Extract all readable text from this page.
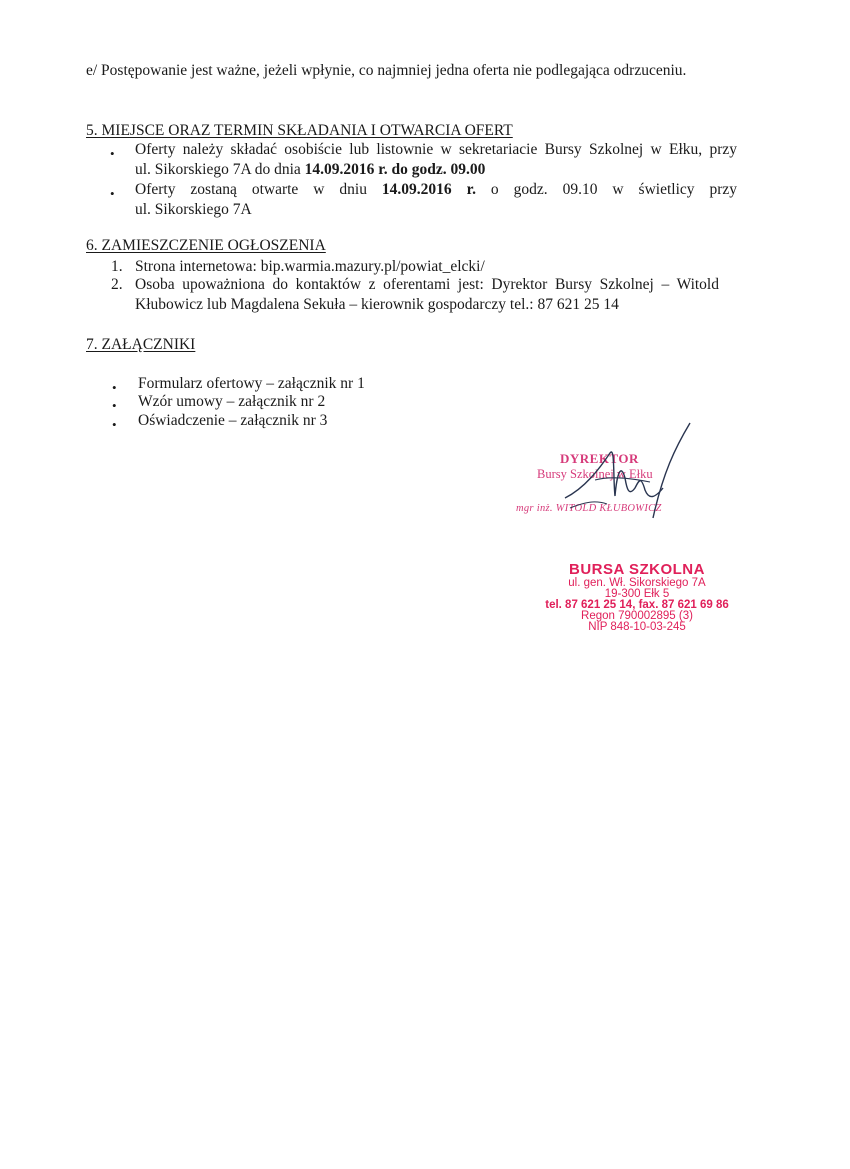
e/ Postępowanie jest ważne, jeżeli wpłynie, co najmniej jedna oferta nie podlegająca odrzuceniu.
5. MIEJSCE ORAZ TERMIN SKŁADANIA I OTWARCIA OFERT
• Oferty należy składać osobiście lub listownie w sekretariacie Bursy Szkolnej w Ełku, przy
ul. Sikorskiego 7A do dnia 14.09.2016 r. do godz. 09.00
• Oferty zostaną otwarte w dniu 14.09.2016 r. o godz. 09.10 w świetlicy przy
ul. Sikorskiego 7A
6. ZAMIESZCZENIE OGŁOSZENIA
1. Strona internetowa: bip.warmia.mazury.pl/powiat_elcki/
2. Osoba upoważniona do kontaktów z oferentami jest: Dyrektor Bursy Szkolnej – Witold
Kłubowicz lub Magdalena Sekuła – kierownik gospodarczy tel.: 87 621 25 14
7. ZAŁĄCZNIKI
• Formularz ofertowy – załącznik nr 1
• Wzór umowy – załącznik nr 2
• Oświadczenie – załącznik nr 3
DYREKTOR
Bursy Szkolnej w Ełku
mgr inż. WITOLD KŁUBOWICZ
BURSA SZKOLNA
ul. gen. Wł. Sikorskiego 7A
19-300 Ełk 5
tel. 87 621 25 14, fax. 87 621 69 86
Regon 790002895 (3)
NIP 848-10-03-245
